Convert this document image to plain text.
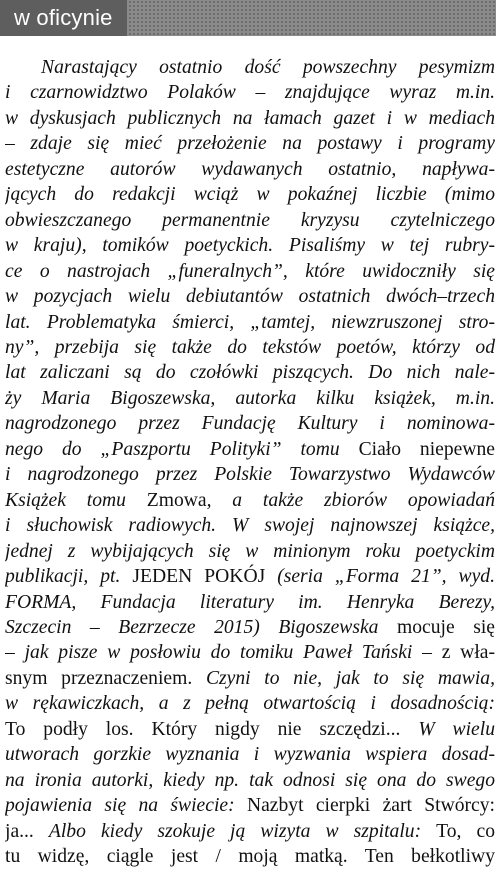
w oficynie
Narastający ostatnio dość powszechny pesymizm
i czarnowidztwo Polaków – znajdujące wyraz m.in.
w dyskusjach publicznych na łamach gazet i w mediach
– zdaje się mieć przełożenie na postawy i programy
estetyczne autorów wydawanych ostatnio, napływa-
jących do redakcji wciąż w pokaźnej liczbie (mimo
obwieszczanego permanentnie kryzysu czytelniczego
w kraju), tomików poetyckich. Pisaliśmy w tej rubry-
ce o nastrojach „funeralnych”, które uwidoczniły się
w pozycjach wielu debiutantów ostatnich dwóch–trzech
lat. Problematyka śmierci, „tamtej, niewzruszonej stro-
ny”, przebija się także do tekstów poetów, którzy od
lat zaliczani są do czołówki piszących. Do nich nale-
ży Maria Bigoszewska, autorka kilku książek, m.in.
nagrodzonego przez Fundację Kultury i nominowa-
nego do „Paszportu Polityki” tomu Ciało niepewne
i nagrodzonego przez Polskie Towarzystwo Wydawców
Książek tomu Zmowa, a także zbiorów opowiadań
i słuchowisk radiowych. W swojej najnowszej książce,
jednej z wybijających się w minionym roku poetyckim
publikacji, pt. JEDEN POKÓJ (seria „Forma 21”, wyd.
FORMA, Fundacja literatury im. Henryka Berezy,
Szczecin – Bezrzecze 2015) Bigoszewska mocuje się
– jak pisze w posłowiu do tomiku Paweł Tański – z wła-
snym przeznaczeniem. Czyni to nie, jak to się mawia,
w rękawiczkach, a z pełną otwartością i dosadnością:
To podły los. Który nigdy nie szczędzi... W wielu
utworach gorzkie wyznania i wyzwania wspiera dosad-
na ironia autorki, kiedy np. tak odnosi się ona do swego
pojawienia się na świecie: Nazbyt cierpki żart Stwórcy:
ja... Albo kiedy szokuje ją wizyta w szpitalu: To, co
tu widzę, ciągle jest / moją matką. Ten bełkotliwy
